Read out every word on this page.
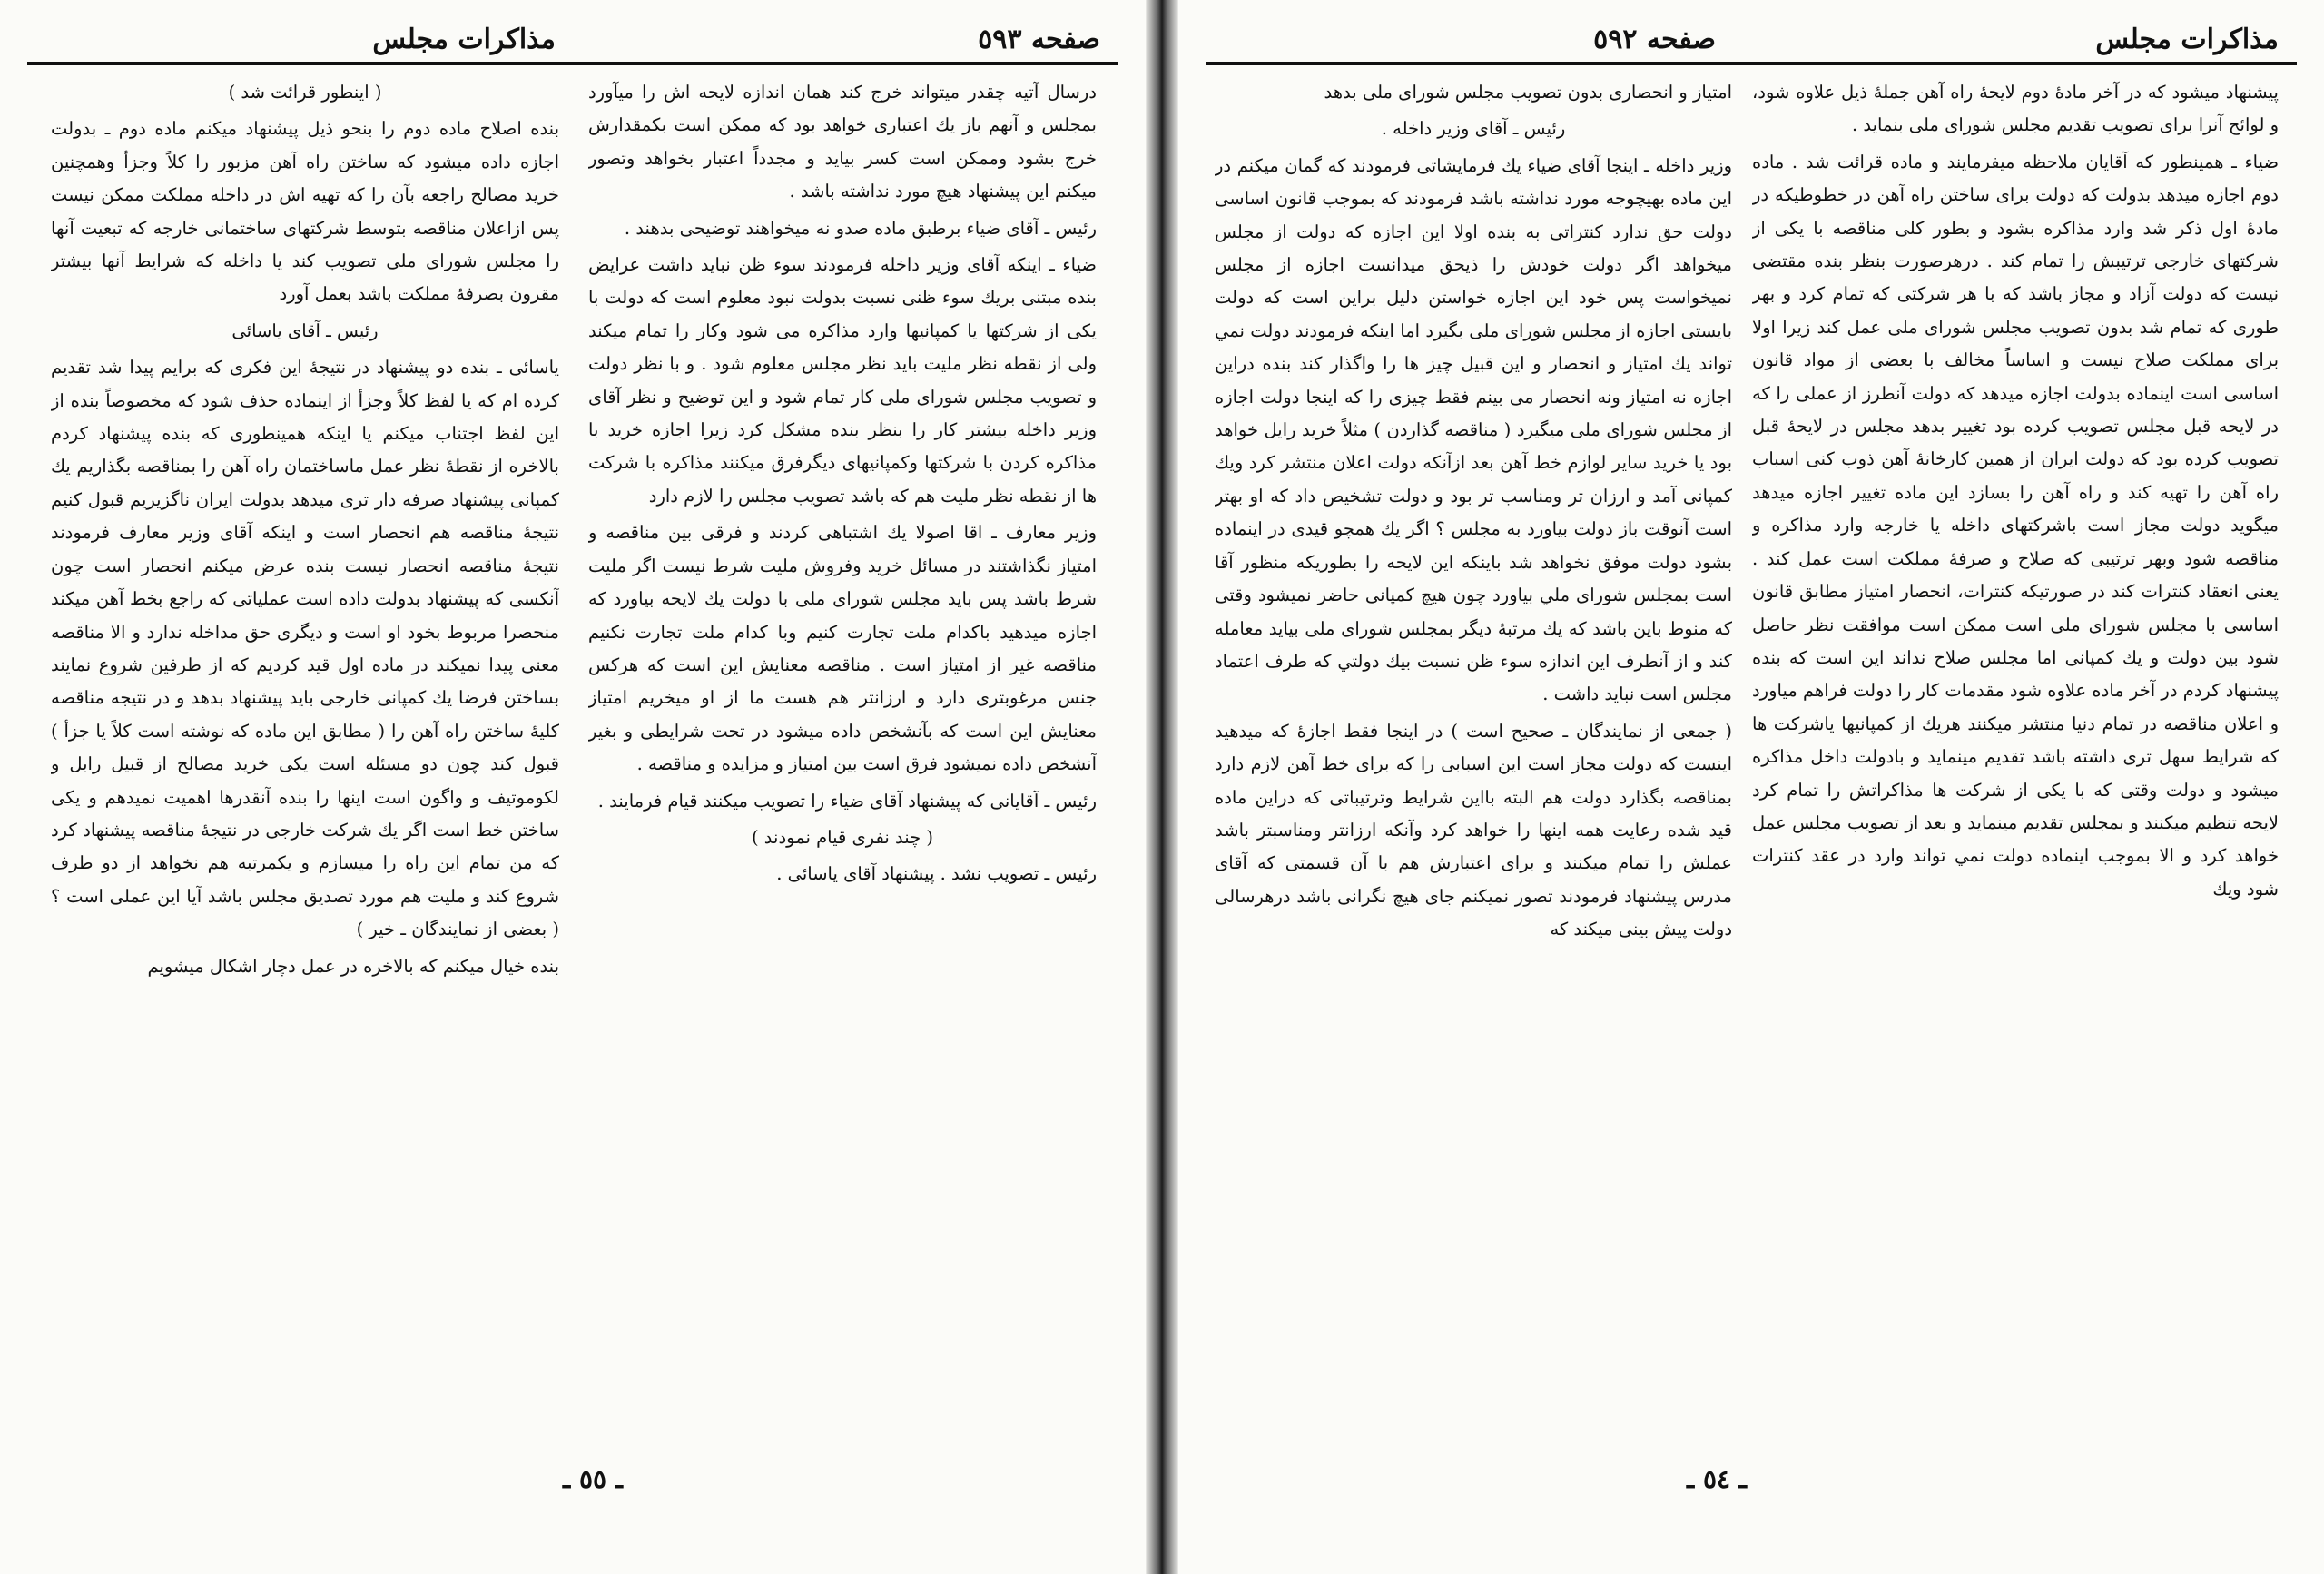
مذاکرات مجلس	صفحه ٥٩٣

درسال آتیه چقدر میتواند خرج کند همان اندازه لایحه اش را میآورد بمجلس و آنهم باز یك اعتباری خواهد بود که ممکن است بکمقدارش خرج بشود وممکن است کسر بیاید و مجدداً اعتبار بخواهد وتصور میکنم این پیشنهاد هیچ مورد نداشته باشد .

رئیس ـ آقای ضیاء برطبق ماده صدو نه میخواهند توضیحی بدهند .

ضیاء ـ اینکه آقای وزیر داخله فرمودند سوء ظن نباید داشت عرایض بنده مبتنی بریك سوء ظنی نسبت بدولت نبود معلوم است که دولت با یکی از شرکتها یا کمپانیها وارد مذاکره می شود وکار را تمام میکند ولی از نقطه نظر ملیت باید نظر مجلس معلوم شود . و با نظر دولت و تصویب مجلس شورای ملی کار تمام شود و این توضیح و نظر آقای وزیر داخله بیشتر کار را بنظر بنده مشکل کرد زیرا اجازه خرید با مذاکره کردن با شرکتها وکمپانیهای دیگرفرق میکنند مذاکره با شرکت ها از نقطه نظر ملیت هم که باشد تصویب مجلس را لازم دارد

وزیر معارف ـ اقا اصولا یك اشتباهی کردند و فرقی بین مناقصه و امتیاز نگذاشتند در مسائل خرید وفروش ملیت شرط نیست اگر ملیت شرط باشد پس باید مجلس شورای ملی با دولت یك لایحه بیاورد که اجازه میدهید باکدام ملت تجارت کنیم وبا کدام ملت تجارت نکنیم مناقصه غیر از امتیاز است . مناقصه معنایش این است که هرکس جنس مرغوبتری دارد و ارزانتر هم هست ما از او میخریم امتیاز معنایش این است که بآنشخص داده میشود در تحت شرایطی و بغیر آنشخص داده نمیشود فرق است بین امتیاز و مزایده و مناقصه .

رئیس ـ آقایانی که پیشنهاد آقای ضیاء را تصویب میکنند قیام فرمایند .

( چند نفری قیام نمودند )

رئیس ـ تصویب نشد . پیشنهاد آقای یاسائی .

( اینطور قرائت شد )

بنده اصلاح ماده دوم را بنحو ذیل پیشنهاد میکنم ماده دوم ـ بدولت اجازه داده میشود که ساختن راه آهن مزبور را کلاً وجزأ وهمچنین خرید مصالح راجعه بآن را که تهیه اش در داخله مملکت ممکن نیست پس ازاعلان مناقصه بتوسط شرکتهای ساختمانی خارجه که تبعیت آنها را مجلس شورای ملی تصویب کند یا داخله که شرایط آنها بیشتر مقرون بصرفهٔ مملکت باشد بعمل آورد

رئیس ـ آقای یاسائی

یاسائی ـ بنده دو پیشنهاد در نتیجهٔ این فکری که برایم پیدا شد تقدیم کرده ام که یا لفظ کلاً وجزأ از اینماده حذف شود که مخصوصاً بنده از این لفظ اجتناب میکنم یا اینکه همینطوری که بنده پیشنهاد کردم بالاخره از نقطهٔ نظر عمل ماساختمان راه آهن را بمناقصه بگذاریم یك کمپانی پیشنهاد صرفه دار تری میدهد بدولت ایران ناگزیریم قبول کنیم نتیجهٔ مناقصه هم انحصار است و اینکه آقای وزیر معارف فرمودند نتیجهٔ مناقصه انحصار نیست بنده عرض میکنم انحصار است چون آنکسی که پیشنهاد بدولت داده است عملیاتی که راجع بخط آهن میکند منحصرا مربوط بخود او است و دیگری حق مداخله ندارد و الا مناقصه معنی پیدا نمیکند در ماده اول قید کردیم که از طرفین شروع نمایند بساختن فرضا یك کمپانی خارجی باید پیشنهاد بدهد و در نتیجه مناقصه کلیهٔ ساختن راه آهن را ( مطابق این ماده که نوشته است کلاً یا جزأ ) قبول کند چون دو مسئله است یکی خرید مصالح از قبیل رابل و لکوموتیف و واگون است اینها را بنده آنقدرها اهمیت نمیدهم و یکی ساختن خط است اگر یك شرکت خارجی در نتیجهٔ مناقصه پیشنهاد کرد که من تمام این راه را میسازم و یکمرتبه هم نخواهد از دو طرف شروع کند و ملیت هم مورد تصدیق مجلس باشد آیا این عملی است ؟ ( بعضی از نمایندگان ـ خیر )

بنده خیال میکنم که بالاخره در عمل دچار اشکال میشویم

ـ ٥٥ ـ
مذاکرات مجلس
صفحه ٥٩٢

پیشنهاد میشود که در آخر مادهٔ دوم لایحهٔ راه آهن جملهٔ ذیل علاوه شود، و لوائح آنرا برای تصویب تقدیم مجلس شورای ملی بنماید .

ضیاء ـ همینطور که آقایان ملاحظه میفرمایند و ماده قرائت شد . ماده دوم اجازه میدهد بدولت که دولت برای ساختن راه آهن در خطوطیکه در مادهٔ اول ذکر شد وارد مذاکره بشود و بطور کلی مناقصه با یکی از شرکتهای خارجی ترتیبش را تمام کند . درهرصورت بنظر بنده مقتضی نیست که دولت آزاد و مجاز باشد که با هر شرکتی که تمام کرد و بهر طوری که تمام شد بدون تصویب مجلس شورای ملی عمل کند زیرا اولا برای مملکت صلاح نیست و اساساً مخالف با بعضی از مواد قانون اساسی است اینماده بدولت اجازه میدهد که دولت آنطرز از عملی را که در لایحه قبل مجلس تصویب کرده بود تغییر بدهد مجلس در لایحهٔ قبل تصویب کرده بود که دولت ایران از همین کارخانهٔ آهن ذوب کنی اسباب راه آهن را تهیه کند و راه آهن را بسازد این ماده تغییر اجازه میدهد میگوید دولت مجاز است باشرکتهای داخله یا خارجه وارد مذاکره و مناقصه شود وبهر ترتیبی که صلاح و صرفهٔ مملکت است عمل کند . یعنی انعقاد کنترات کند در صورتیکه کنترات، انحصار امتیاز مطابق قانون اساسی با مجلس شورای ملی است ممکن است موافقت نظر حاصل شود بین دولت و یك کمپانی اما مجلس صلاح نداند این است که بنده پیشنهاد کردم در آخر ماده علاوه شود مقدمات کار را دولت فراهم میاورد و اعلان مناقصه در تمام دنیا منتشر میکنند هریك از کمپانیها یاشرکت ها که شرایط سهل تری داشته باشد تقدیم مینماید و بادولت داخل مذاکره میشود و دولت وقتی که با یکی از شرکت ها مذاکراتش را تمام کرد لایحه تنظیم میکنند و بمجلس تقدیم مینماید و بعد از تصویب مجلس عمل خواهد کرد و الا بموجب اینماده دولت نمي تواند وارد در عقد کنترات شود ویك

امتیاز و انحصاری بدون تصویب مجلس شورای ملی بدهد

رئیس ـ آقای وزیر داخله .

وزیر داخله ـ اینجا آقای ضیاء یك فرمایشاتی فرمودند که گمان میکنم در این ماده بهیچوجه مورد نداشته باشد فرمودند که بموجب قانون اساسی دولت حق ندارد کنتراتی به بنده اولا این اجازه که دولت از مجلس میخواهد اگر دولت خودش را ذیحق میدانست اجازه از مجلس نمیخواست پس خود این اجازه خواستن دلیل براین است که دولت بایستی اجازه از مجلس شورای ملی بگیرد اما اینکه فرمودند دولت نمي تواند یك امتیاز و انحصار و این قبیل چیز ها را واگذار کند بنده دراین اجازه نه امتیاز ونه انحصار می بینم فقط چیزی را که اینجا دولت اجازه از مجلس شورای ملی میگیرد ( مناقصه گذاردن ) مثلاً خرید رایل خواهد بود یا خرید سایر لوازم خط آهن بعد ازآنکه دولت اعلان منتشر کرد ویك کمپانی آمد و ارزان تر ومناسب تر بود و دولت تشخیص داد که او بهتر است آنوقت باز دولت بیاورد به مجلس ؟ اگر یك همچو قیدی در اینماده بشود دولت موفق نخواهد شد باینکه این لایحه را بطوریکه منظور آقا است بمجلس شورای ملي بیاورد چون هیچ کمپانی حاضر نمیشود وقتی که منوط باین باشد که یك مرتبهٔ دیگر بمجلس شورای ملی بیاید معامله کند و از آنطرف این اندازه سوء ظن نسبت بیك دولتي که طرف اعتماد مجلس است نباید داشت .

( جمعی از نمایندگان ـ صحیح است ) در اینجا فقط اجازهٔ که میدهید اینست که دولت مجاز است این اسبابی را که برای خط آهن لازم دارد بمناقصه بگذارد دولت هم البته بااین شرایط وترتیباتی که دراین ماده قید شده رعایت همه اینها را خواهد کرد وآنکه ارزانتر ومناسبتر باشد عملش را تمام میکنند و برای اعتبارش هم با آن قسمتی که آقای مدرس پیشنهاد فرمودند تصور نمیکنم جای هیچ نگرانی باشد درهرسالی دولت پیش بینی میکند که

ـ ٥٤ ـ
